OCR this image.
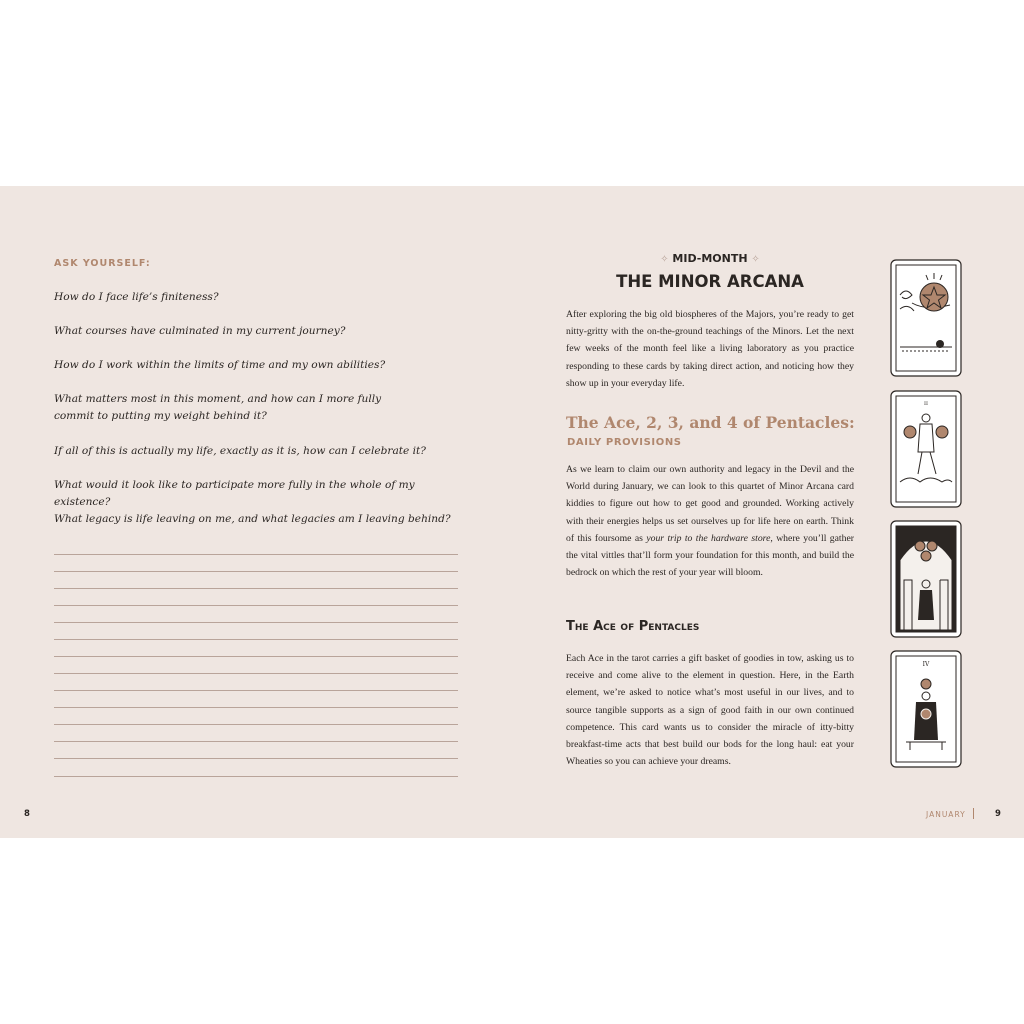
ASK YOURSELF:
How do I face life’s finiteness?
What courses have culminated in my current journey?
How do I work within the limits of time and my own abilities?
What matters most in this moment, and how can I more fully commit to putting my weight behind it?
If all of this is actually my life, exactly as it is, how can I celebrate it?
What would it look like to participate more fully in the whole of my existence?
What legacy is life leaving on me, and what legacies am I leaving behind?
8
✧ MID-MONTH ✧
THE MINOR ARCANA
After exploring the big old biospheres of the Majors, you’re ready to get nitty-gritty with the on-the-ground teachings of the Minors. Let the next few weeks of the month feel like a living laboratory as you practice responding to these cards by taking direct action, and noticing how they show up in your everyday life.
The Ace, 2, 3, and 4 of Pentacles:
DAILY PROVISIONS
As we learn to claim our own authority and legacy in the Devil and the World during January, we can look to this quartet of Minor Arcana card kiddies to figure out how to get good and grounded. Working actively with their energies helps us set ourselves up for life here on earth. Think of this foursome as your trip to the hardware store, where you’ll gather the vital vittles that’ll form your foundation for this month, and build the bedrock on which the rest of your year will bloom.
The Ace of Pentacles
Each Ace in the tarot carries a gift basket of goodies in tow, asking us to receive and come alive to the element in question. Here, in the Earth element, we’re asked to notice what’s most useful in our lives, and to source tangible supports as a sign of good faith in our own continued competence. This card wants us to consider the miracle of itty-bitty breakfast-time acts that best build our bods for the long haul: eat your Wheaties so you can achieve your dreams.
II
IV
JANUARY	9
